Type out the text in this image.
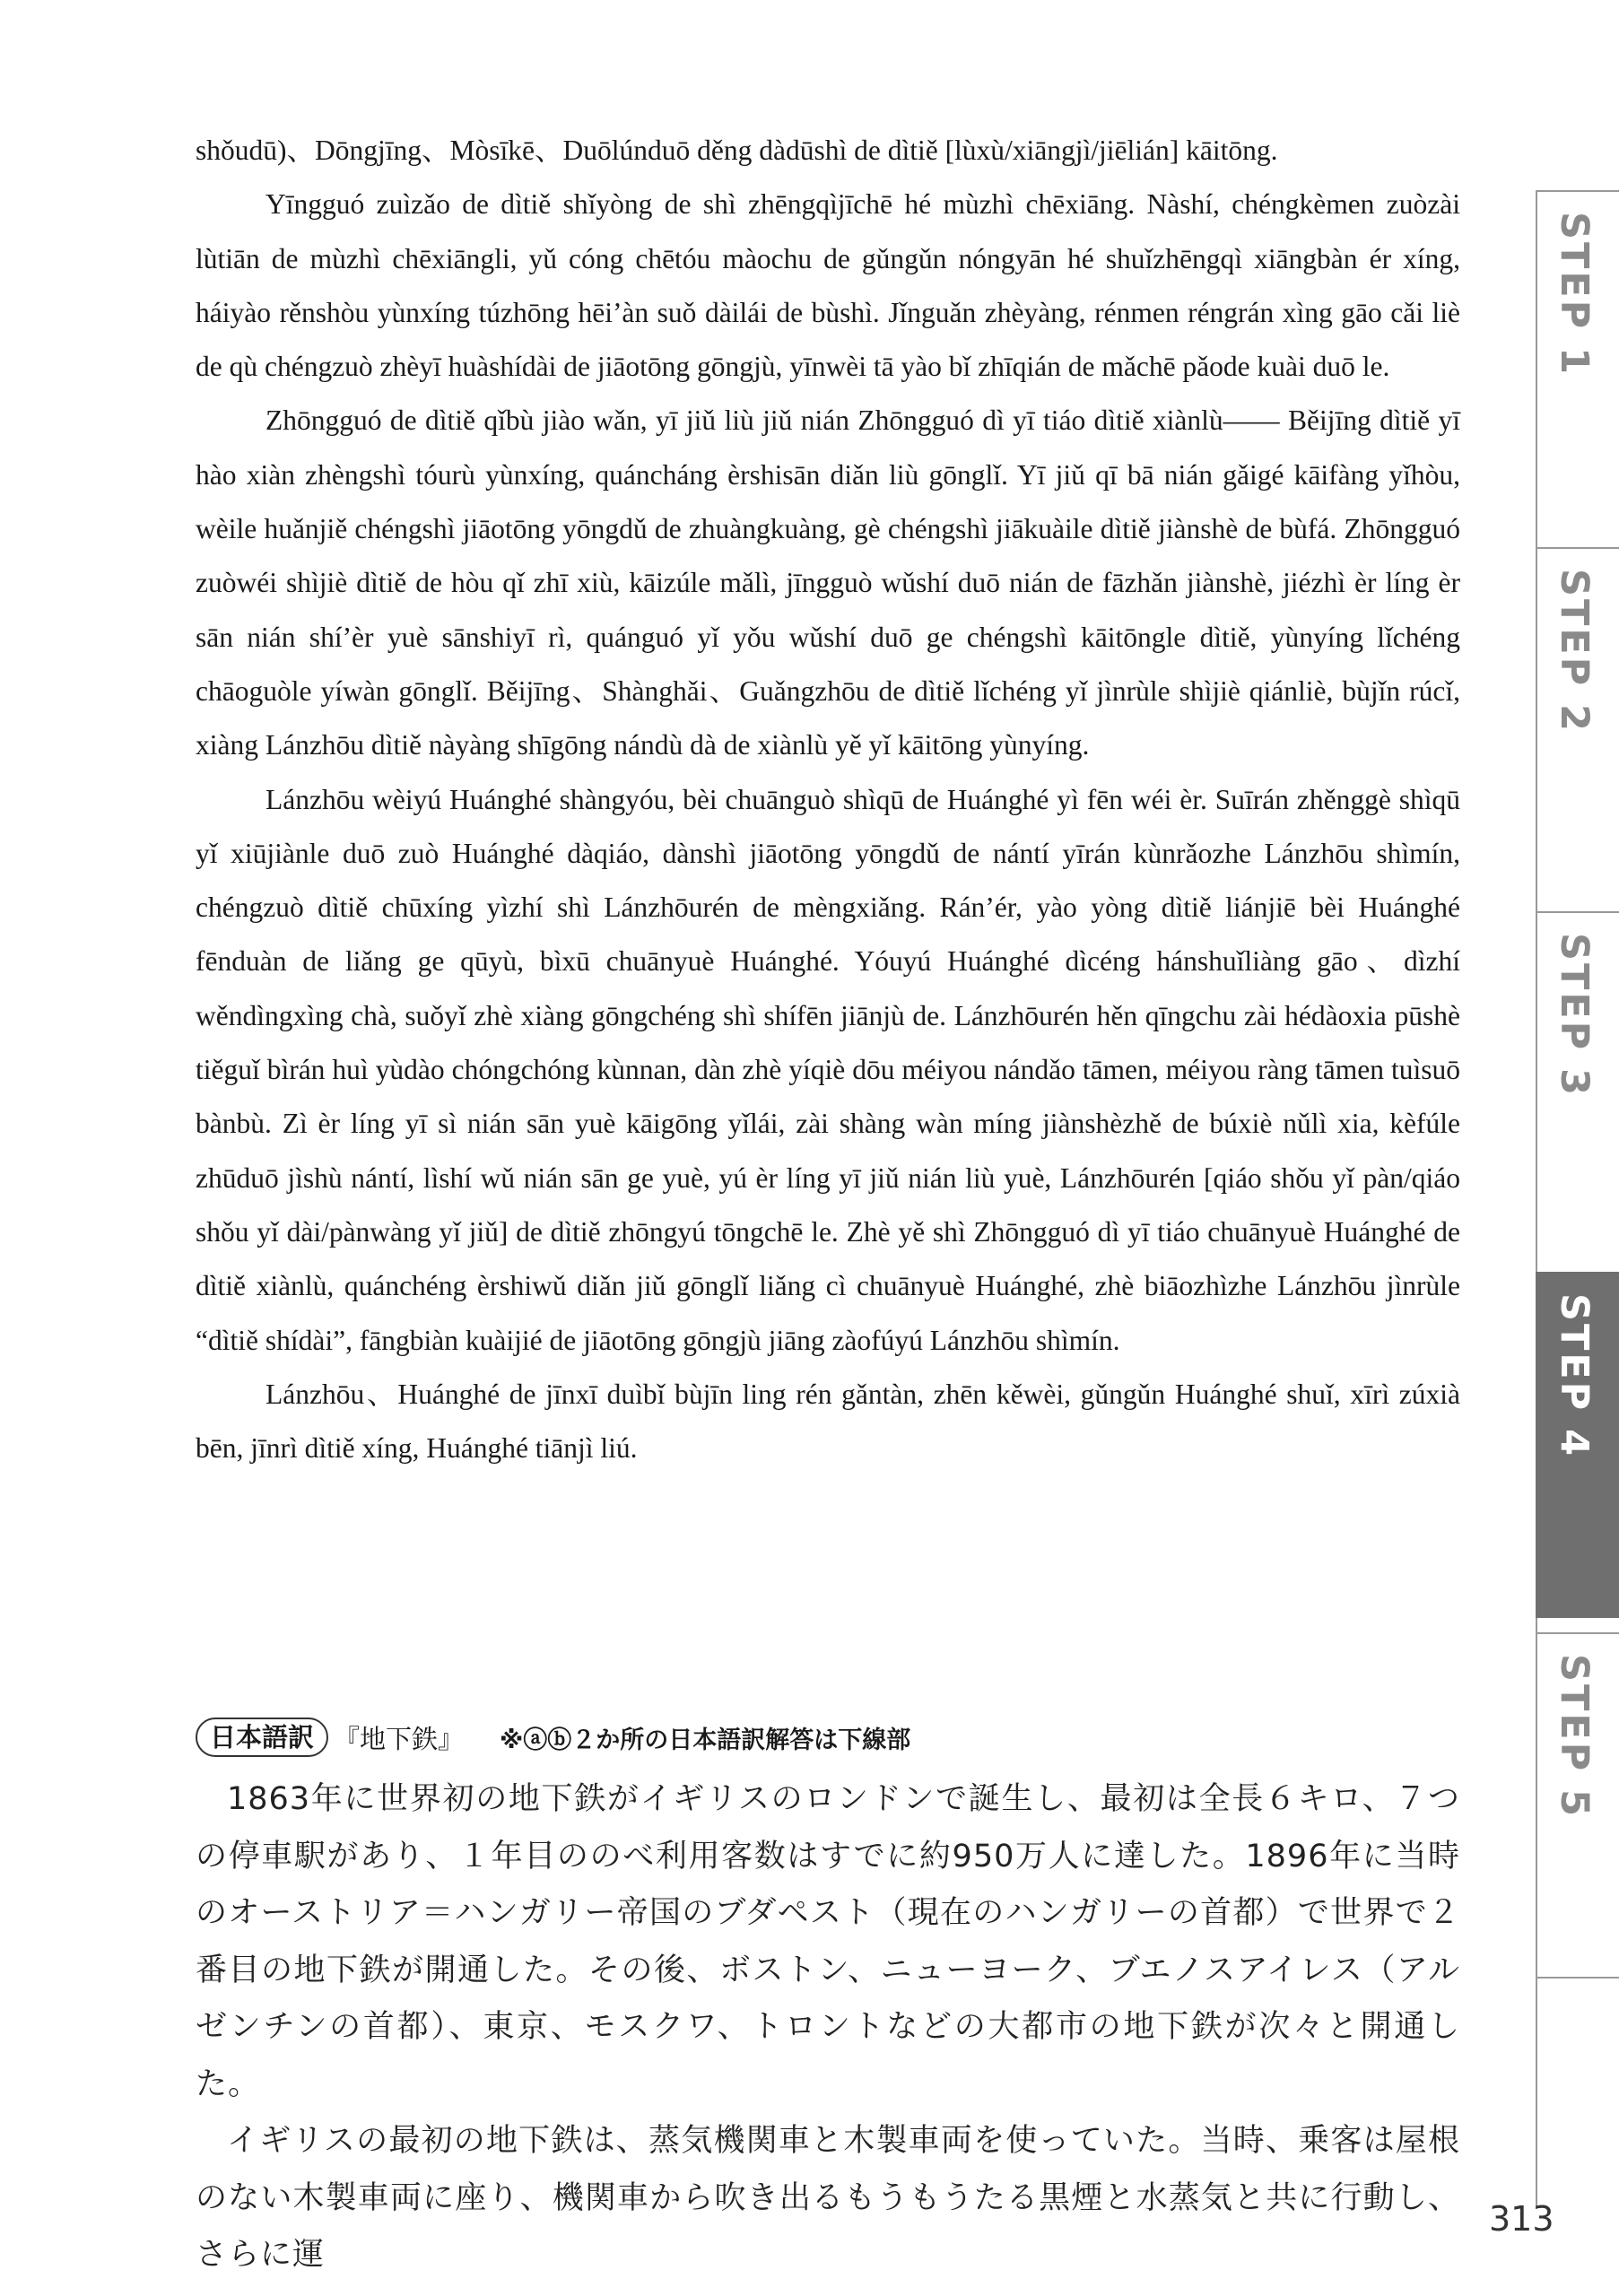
shǒudū)、Dōngjīng、Mòsīkē、Duōlúnduō děng dàdūshì de dìtiě [lùxù/xiāngjì/jiēlián] kāitōng.

Yīngguó zuìzǎo de dìtiě shǐyòng de shì zhēngqìjīchē hé mùzhì chēxiāng. Nàshí, chéngkèmen zuòzài lùtiān de mùzhì chēxiāngli, yǔ cóng chētóu màochu de gǔngǔn nóngyān hé shuǐzhēngqì xiāngbàn ér xíng, háiyào rěnshòu yùnxíng túzhōng hēi’àn suǒ dàilái de bùshì. Jǐnguǎn zhèyàng, rénmen réngrán xìng gāo cǎi liè de qù chéngzuò zhèyī huàshídài de jiāotōng gōngjù, yīnwèi tā yào bǐ zhīqián de mǎchē pǎode kuài duō le.

Zhōngguó de dìtiě qǐbù jiào wǎn, yī jiǔ liù jiǔ nián Zhōngguó dì yī tiáo dìtiě xiànlù—— Běijīng dìtiě yī hào xiàn zhèngshì tóurù yùnxíng, quáncháng èrshisān diǎn liù gōnglǐ. Yī jiǔ qī bā nián gǎigé kāifàng yǐhòu, wèile huǎnjiě chéngshì jiāotōng yōngdǔ de zhuàngkuàng, gè chéngshì jiākuàile dìtiě jiànshè de bùfá. Zhōngguó zuòwéi shìjiè dìtiě de hòu qǐ zhī xiù, kāizúle mǎlì, jīngguò wǔshí duō nián de fāzhǎn jiànshè, jiézhì èr líng èr sān nián shí’èr yuè sānshiyī rì, quánguó yǐ yǒu wǔshí duō ge chéngshì kāitōngle dìtiě, yùnyíng lǐchéng chāoguòle yíwàn gōnglǐ. Běijīng、Shànghǎi、Guǎngzhōu de dìtiě lǐchéng yǐ jìnrùle shìjiè qiánliè, bùjǐn rúcǐ, xiàng Lánzhōu dìtiě nàyàng shīgōng nándù dà de xiànlù yě yǐ kāitōng yùnyíng.

Lánzhōu wèiyú Huánghé shàngyóu, bèi chuānguò shìqū de Huánghé yì fēn wéi èr. Suīrán zhěnggè shìqū yǐ xiūjiànle duō zuò Huánghé dàqiáo, dànshì jiāotōng yōngdǔ de nántí yīrán kùnrǎozhe Lánzhōu shìmín, chéngzuò dìtiě chūxíng yìzhí shì Lánzhōurén de mèngxiǎng. Rán’ér, yào yòng dìtiě liánjiē bèi Huánghé fēnduàn de liǎng ge qūyù, bìxū chuānyuè Huánghé. Yóuyú Huánghé dìcéng hánshuǐliàng gāo、dìzhí wěndìngxìng chà, suǒyǐ zhè xiàng gōngchéng shì shífēn jiānjù de. Lánzhōurén hěn qīngchu zài hédàoxia pūshè tiěguǐ bìrán huì yùdào chóngchóng kùnnan, dàn zhè yíqiè dōu méiyou nándǎo tāmen, méiyou ràng tāmen tuìsuō bànbù. Zì èr líng yī sì nián sān yuè kāigōng yǐlái, zài shàng wàn míng jiànshèzhě de búxiè nǔlì xia, kèfúle zhūduō jìshù nántí, lìshí wǔ nián sān ge yuè, yú èr líng yī jiǔ nián liù yuè, Lánzhōurén [qiáo shǒu yǐ pàn/qiáo shǒu yǐ dài/pànwàng yǐ jiǔ] de dìtiě zhōngyú tōngchē le. Zhè yě shì Zhōngguó dì yī tiáo chuānyuè Huánghé de dìtiě xiànlù, quánchéng èrshiwǔ diǎn jiǔ gōnglǐ liǎng cì chuānyuè Huánghé, zhè biāozhìzhe Lánzhōu jìnrùle “dìtiě shídài”, fāngbiàn kuàijié de jiāotōng gōngjù jiāng zàofúyú Lánzhōu shìmín.

Lánzhōu、Huánghé de jīnxī duìbǐ bùjīn ling rén gǎntàn, zhēn kěwèi, gǔngǔn Huánghé shuǐ, xīrì zúxià bēn, jīnrì dìtiě xíng, Huánghé tiānjì liú.

日本語訳 『地下鉄』 ※ⓐⓑ２か所の日本語訳解答は下線部

1863年に世界初の地下鉄がイギリスのロンドンで誕生し、最初は全長６キロ、７つの停車駅があり、１年目ののべ利用客数はすでに約950万人に達した。1896年に当時のオーストリア＝ハンガリー帝国のブダペスト（現在のハンガリーの首都）で世界で２番目の地下鉄が開通した。その後、ボストン、ニューヨーク、ブエノスアイレス（アルゼンチンの首都）、東京、モスクワ、トロントなどの大都市の地下鉄が次々と開通した。

イギリスの最初の地下鉄は、蒸気機関車と木製車両を使っていた。当時、乗客は屋根のない木製車両に座り、機関車から吹き出るもうもうたる黒煙と水蒸気と共に行動し、さらに運

STEP 1
STEP 2
STEP 3
STEP 4
STEP 5
313
